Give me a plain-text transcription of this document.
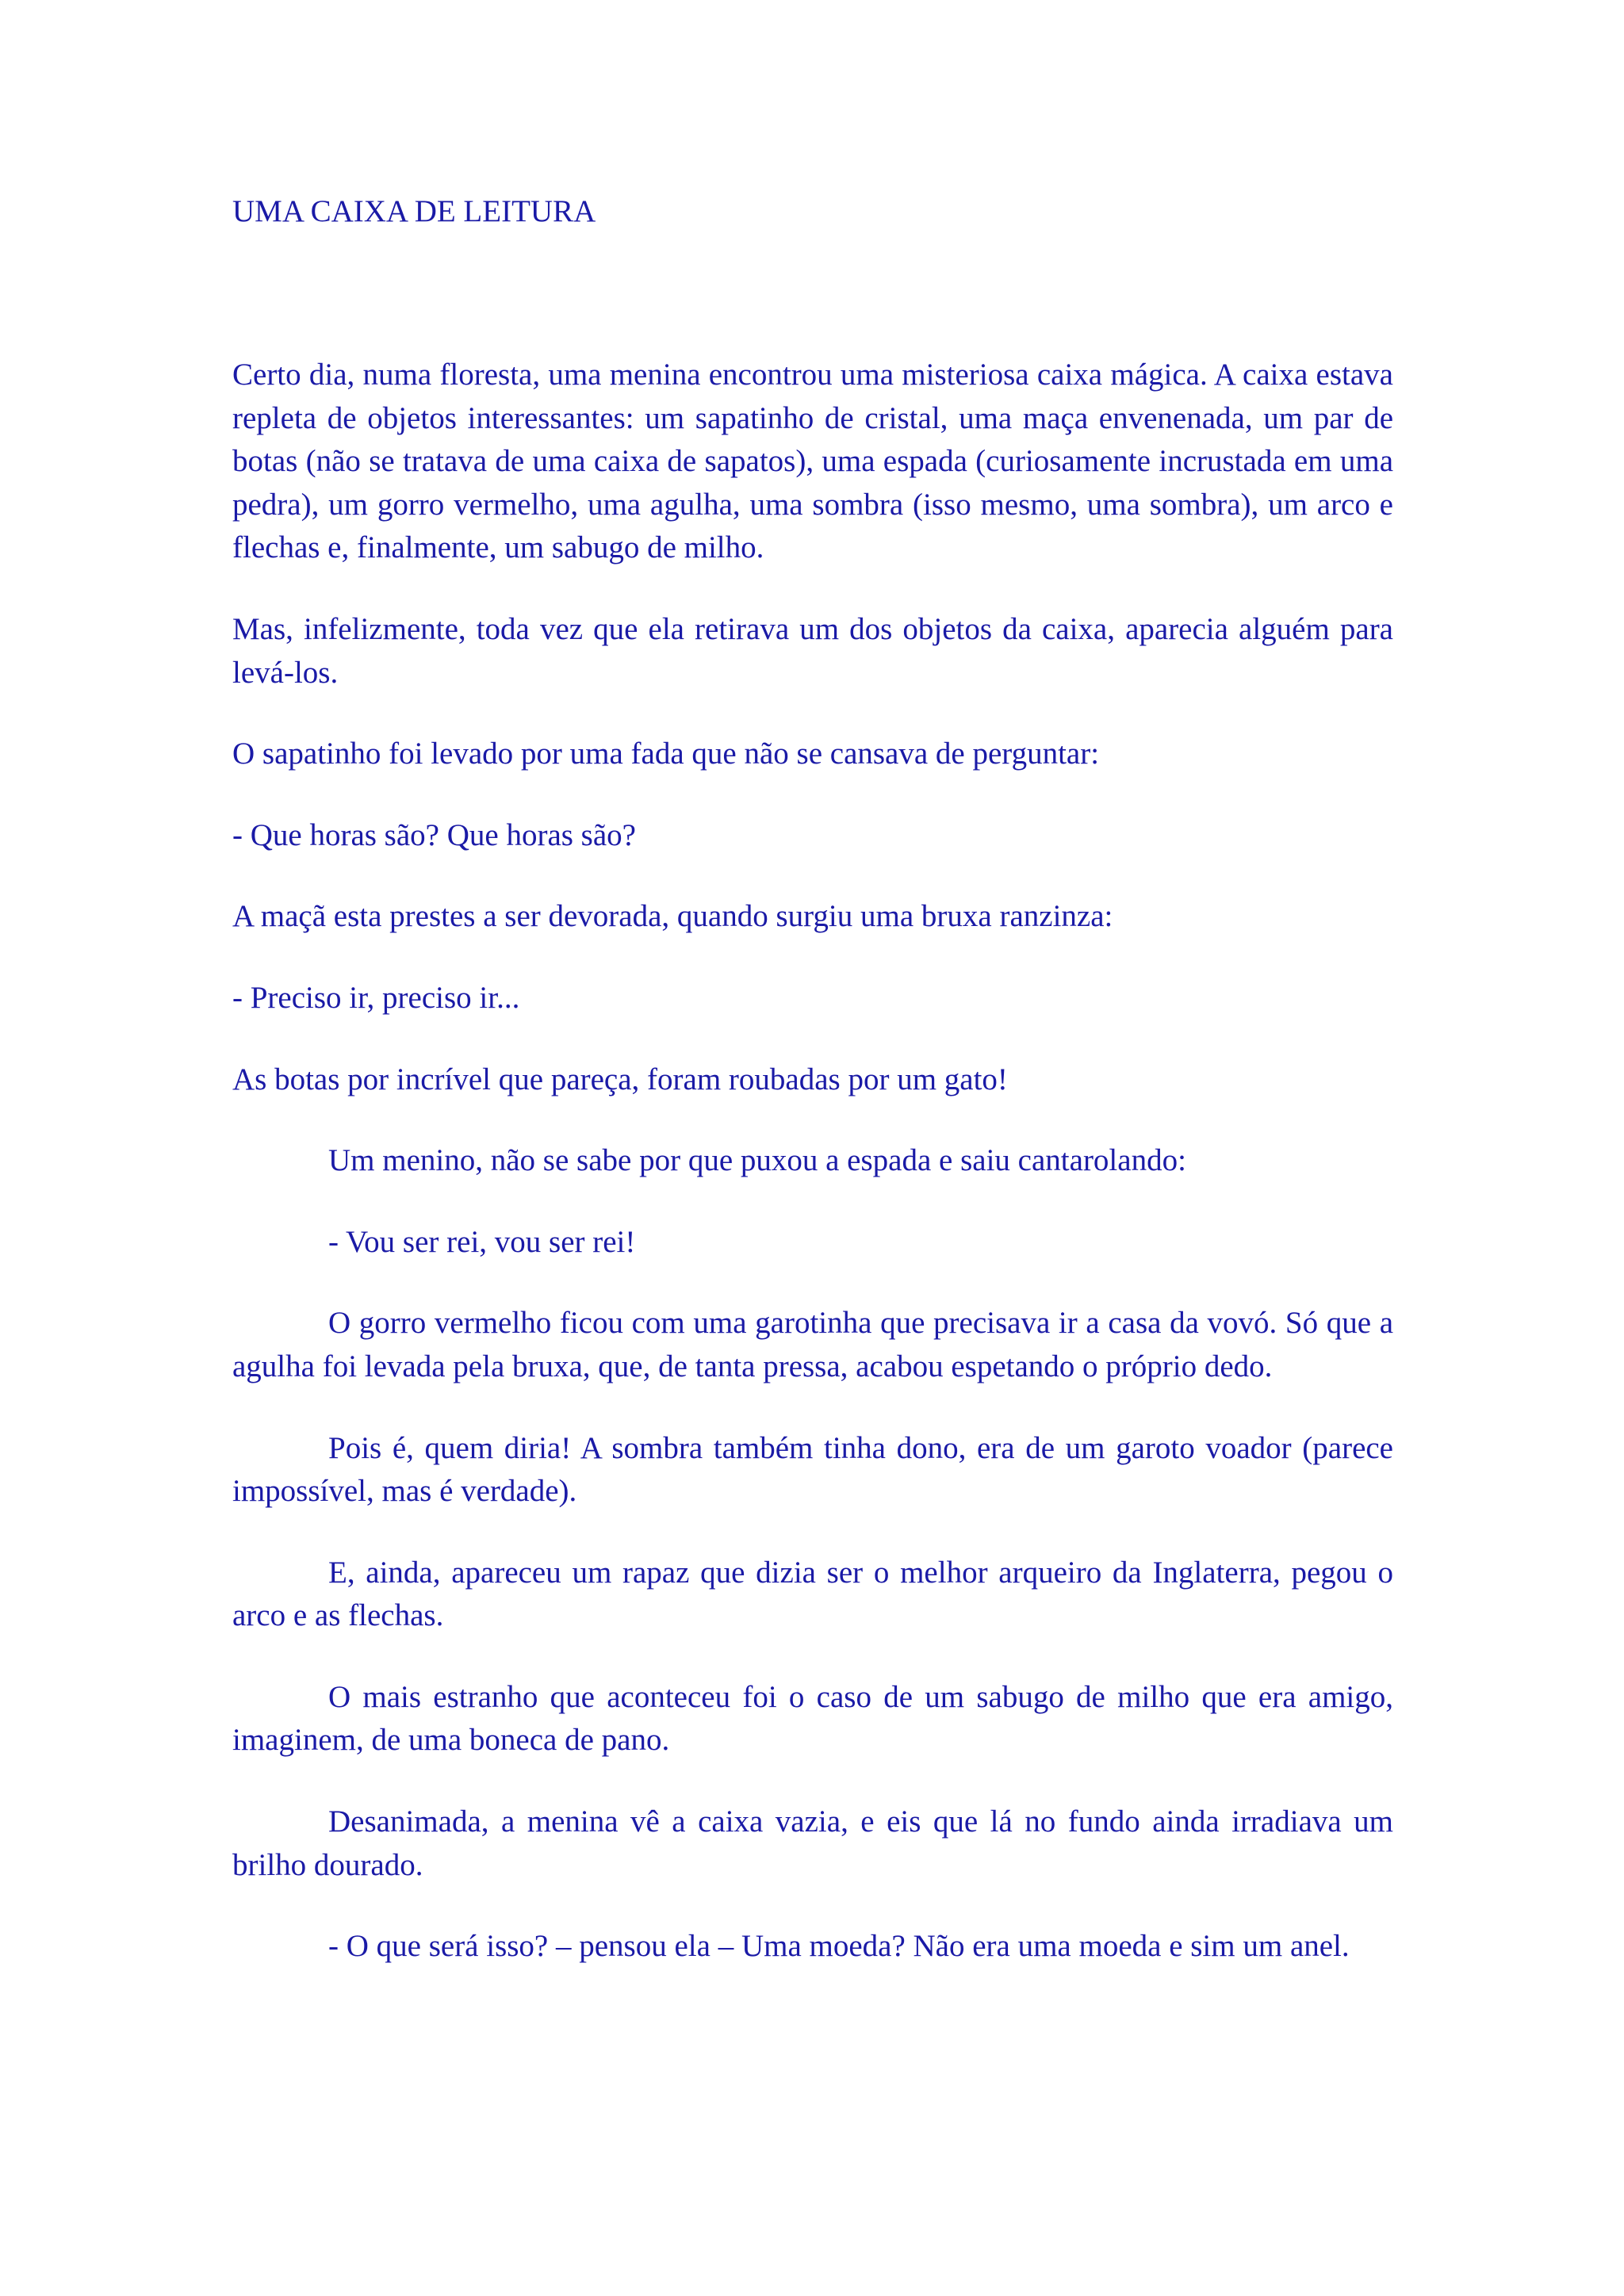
UMA CAIXA DE LEITURA

Certo dia, numa floresta, uma menina encontrou uma misteriosa caixa mágica. A caixa estava repleta de objetos interessantes: um sapatinho de cristal, uma maça envenenada, um par de botas (não se tratava de uma caixa de sapatos), uma espada (curiosamente incrustada em uma pedra), um gorro vermelho, uma agulha, uma sombra (isso mesmo, uma sombra), um arco e flechas e, finalmente, um sabugo de milho.

Mas, infelizmente, toda vez que ela retirava um dos objetos da caixa, aparecia alguém para levá-los.

O sapatinho foi levado por uma fada que não se cansava de perguntar:

- Que horas são? Que horas são?

A maçã esta prestes a ser devorada, quando surgiu uma bruxa ranzinza:

- Preciso ir, preciso ir...

As botas por incrível que pareça, foram roubadas por um gato!

Um menino, não se sabe por que puxou a espada e saiu cantarolando:

- Vou ser rei, vou ser rei!

O gorro vermelho ficou com uma garotinha que precisava ir a casa da vovó. Só que a agulha foi levada pela bruxa, que, de tanta pressa, acabou espetando o próprio dedo.

Pois é, quem diria! A sombra também tinha dono, era de um garoto voador (parece impossível, mas é verdade).

E, ainda, apareceu um rapaz que dizia ser o melhor arqueiro da Inglaterra, pegou o arco e as flechas.

O mais estranho que aconteceu foi o caso de um sabugo de milho que era amigo, imaginem, de uma boneca de pano.

Desanimada, a menina vê a caixa vazia, e eis que lá no fundo ainda irradiava um brilho dourado.

- O que será isso? – pensou ela – Uma moeda? Não era uma moeda e sim um anel.
